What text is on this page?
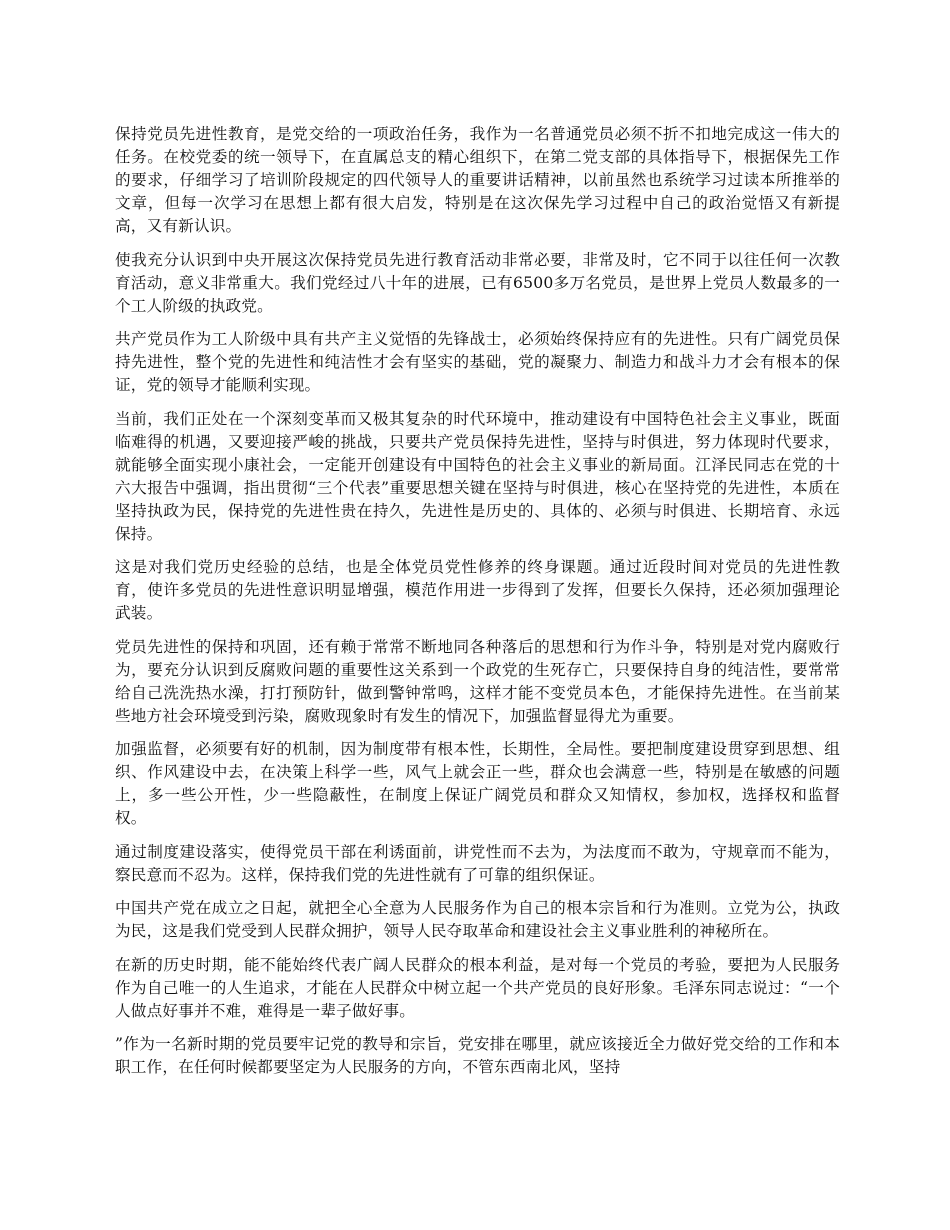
保持党员先进性教育，是党交给的一项政治任务，我作为一名普通党员必须不折不扣地完成这一伟大的任务。在校党委的统一领导下，在直属总支的精心组织下，在第二党支部的具体指导下，根据保先工作的要求，仔细学习了培训阶段规定的四代领导人的重要讲话精神，以前虽然也系统学习过读本所推举的文章，但每一次学习在思想上都有很大启发，特别是在这次保先学习过程中自己的政治觉悟又有新提高，又有新认识。

使我充分认识到中央开展这次保持党员先进行教育活动非常必要，非常及时，它不同于以往任何一次教育活动，意义非常重大。我们党经过八十年的进展，已有6500多万名党员，是世界上党员人数最多的一个工人阶级的执政党。

共产党员作为工人阶级中具有共产主义觉悟的先锋战士，必须始终保持应有的先进性。只有广阔党员保持先进性，整个党的先进性和纯洁性才会有坚实的基础，党的凝聚力、制造力和战斗力才会有根本的保证，党的领导才能顺利实现。

当前，我们正处在一个深刻变革而又极其复杂的时代环境中，推动建设有中国特色社会主义事业，既面临难得的机遇，又要迎接严峻的挑战，只要共产党员保持先进性，坚持与时俱进，努力体现时代要求，就能够全面实现小康社会，一定能开创建设有中国特色的社会主义事业的新局面。江泽民同志在党的十六大报告中强调，指出贯彻“三个代表”重要思想关键在坚持与时俱进，核心在坚持党的先进性，本质在坚持执政为民，保持党的先进性贵在持久，先进性是历史的、具体的、必须与时俱进、长期培育、永远保持。

这是对我们党历史经验的总结，也是全体党员党性修养的终身课题。通过近段时间对党员的先进性教育，使许多党员的先进性意识明显增强，模范作用进一步得到了发挥，但要长久保持，还必须加强理论武装。

党员先进性的保持和巩固，还有赖于常常不断地同各种落后的思想和行为作斗争，特别是对党内腐败行为，要充分认识到反腐败问题的重要性这关系到一个政党的生死存亡，只要保持自身的纯洁性，要常常给自己洗洗热水澡，打打预防针，做到警钟常鸣，这样才能不变党员本色，才能保持先进性。在当前某些地方社会环境受到污染，腐败现象时有发生的情况下，加强监督显得尤为重要。

加强监督，必须要有好的机制，因为制度带有根本性，长期性，全局性。要把制度建设贯穿到思想、组织、作风建设中去，在决策上科学一些，风气上就会正一些，群众也会满意一些，特别是在敏感的问题上，多一些公开性，少一些隐蔽性，在制度上保证广阔党员和群众又知情权，参加权，选择权和监督权。

通过制度建设落实，使得党员干部在利诱面前，讲党性而不去为，为法度而不敢为，守规章而不能为，察民意而不忍为。这样，保持我们党的先进性就有了可靠的组织保证。

中国共产党在成立之日起，就把全心全意为人民服务作为自己的根本宗旨和行为准则。立党为公，执政为民，这是我们党受到人民群众拥护，领导人民夺取革命和建设社会主义事业胜利的神秘所在。

在新的历史时期，能不能始终代表广阔人民群众的根本利益，是对每一个党员的考验，要把为人民服务作为自己唯一的人生追求，才能在人民群众中树立起一个共产党员的良好形象。毛泽东同志说过：“一个人做点好事并不难，难得是一辈子做好事。

”作为一名新时期的党员要牢记党的教导和宗旨，党安排在哪里，就应该接近全力做好党交给的工作和本职工作，在任何时候都要坚定为人民服务的方向，不管东西南北风，坚持
